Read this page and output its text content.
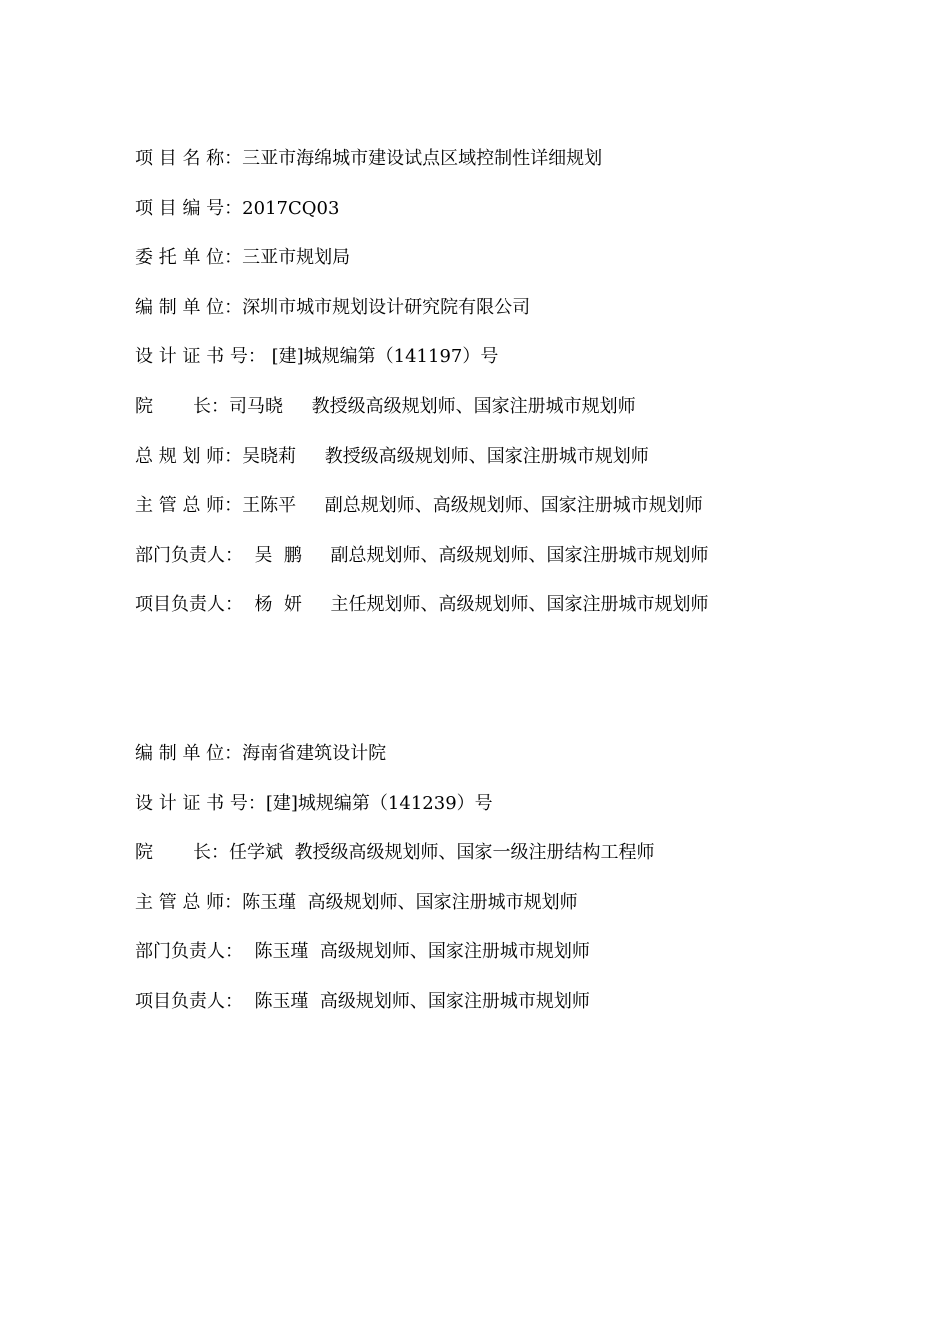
项 目 名 称：三亚市海绵城市建设试点区域控制性详细规划
项 目 编 号：2017CQ03
委 托 单 位：三亚市规划局
编 制 单 位：深圳市城市规划设计研究院有限公司
设 计 证 书 号： [建]城规编第（141197）号
院       长：司马晓     教授级高级规划师、国家注册城市规划师
总 规 划 师：吴晓莉     教授级高级规划师、国家注册城市规划师
主 管 总 师：王陈平     副总规划师、高级规划师、国家注册城市规划师
部门负责人：  吴  鹏     副总规划师、高级规划师、国家注册城市规划师
项目负责人：  杨  妍     主任规划师、高级规划师、国家注册城市规划师
编 制 单 位：海南省建筑设计院
设 计 证 书 号：[建]城规编第（141239）号
院       长：任学斌  教授级高级规划师、国家一级注册结构工程师
主 管 总 师：陈玉瑾  高级规划师、国家注册城市规划师
部门负责人：  陈玉瑾  高级规划师、国家注册城市规划师
项目负责人：  陈玉瑾  高级规划师、国家注册城市规划师
